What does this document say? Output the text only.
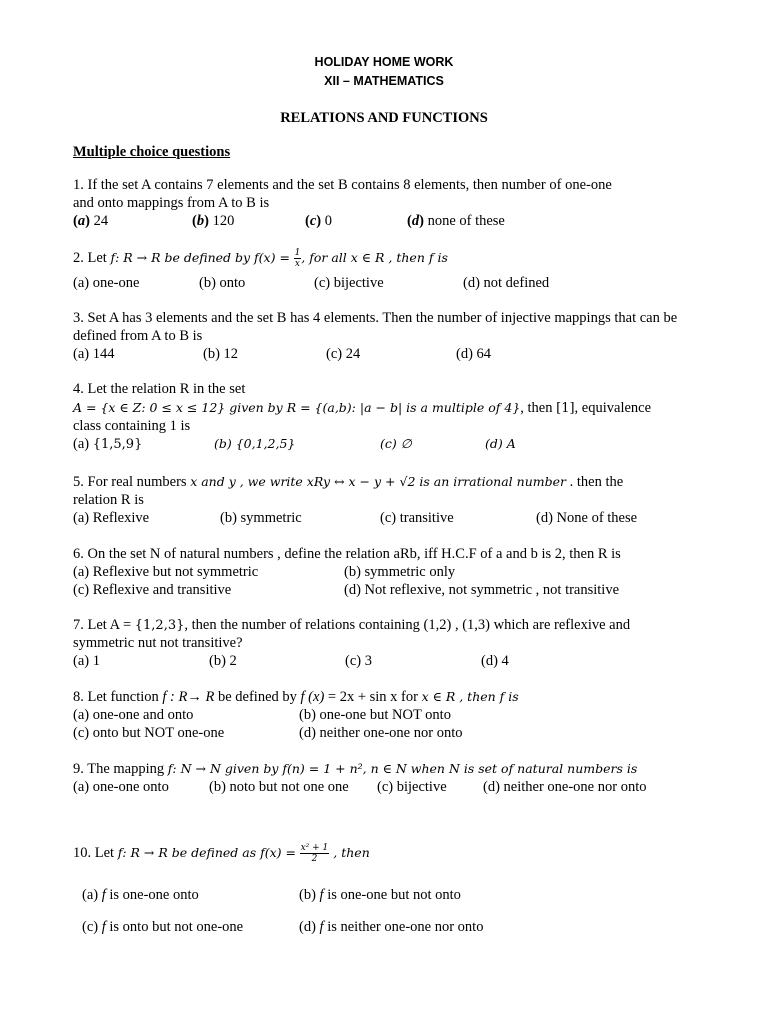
HOLIDAY HOME WORK
XII – MATHEMATICS
RELATIONS AND FUNCTIONS
Multiple choice questions
1. If the set A contains 7 elements and the set B contains 8 elements, then number of one-one
and onto mappings from A to B is
(a) 24	(b) 120	(c) 0	(d) none of these
2. Let f: R → R be defined by $f(x) = \frac{1}{x}$ , for all x ∈ R , then f is
(a) one-one	(b) onto	(c) bijective	(d) not defined
3. Set A has 3 elements and the set B has 4 elements. Then the number of injective mappings that can be
defined from A to B is
(a) 144	(b) 12	(c) 24	(d) 64
4. Let the relation R in the set
A = {x ∈ Z: 0 ≤ x ≤ 12} given by R = {(a,b): |a − b| is a multiple of 4}, then [1], equivalence
class containing 1 is
(a) {1,5,9}	(b) {0,1,2,5}	(c) ∅	(d) A
5. For real numbers x and y , we write xRy ↔ x − y + √2 is an irrational number . then the
relation R is
(a) Reflexive	(b) symmetric	(c) transitive	(d) None of these
6. On the set N of natural numbers , define the relation aRb, iff H.C.F of a and b is 2, then R is
(a) Reflexive but not symmetric	(b) symmetric only
(c) Reflexive and transitive	(d) Not reflexive, not symmetric , not transitive
7. Let A = {1,2,3}, then the number of relations containing (1,2) , (1,3) which are reflexive and
symmetric nut not transitive?
(a) 1	(b) 2	(c) 3	(d) 4
8. Let function f : R→ R be defined by f (x) = 2x + sin x for x ∈ R , then f is
(a) one-one and onto	(b) one-one but NOT onto
(c) onto but NOT one-one	(d) neither one-one nor onto
9. The mapping f: N → N given by f(n) = 1 + n², n ∈ N when N is set of natural numbers is
(a) one-one onto	(b) noto but not one one (c) bijective	(d) neither one-one nor onto
10. Let f: R → R be defined as $f(x) = \frac{\text{x² + 1}}{2}$ , then
(a) f is one-one onto	(b) f is one-one but not onto
(c) f is onto but not one-one	(d) f is neither one-one nor onto
